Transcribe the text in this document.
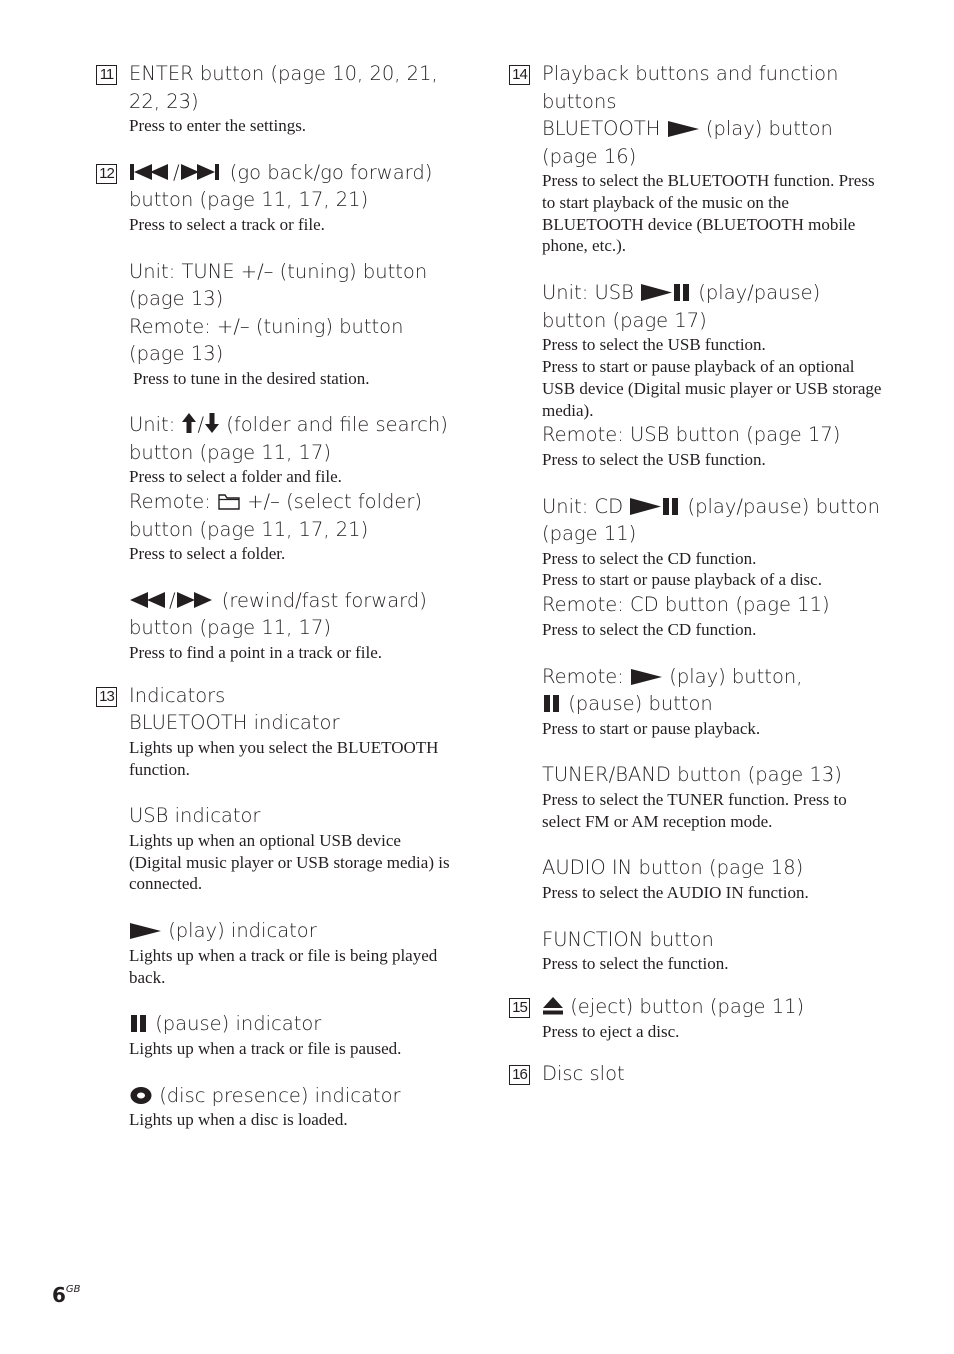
11 ENTER button (page 10, 20, 21, 22, 23)

Press to enter the settings.

12	/ (go back/go forward) button (page 11, 17, 21)

Press to select a track or file.

Unit: TUNE +/– (tuning) button (page 13)

Remote: +/– (tuning) button (page 13)

Press to tune in the desired station.

Unit: / (folder and file search) button (page 11, 17)

Press to select a folder and file.

Remote:  +/– (select folder) button (page 11, 17, 21)

Press to select a folder.

/ (rewind/fast forward) button (page 11, 17)

Press to find a point in a track or file.

13 Indicators

BLUETOOTH indicator

Lights up when you select the BLUETOOTH function.

USB indicator

Lights up when an optional USB device (Digital music player or USB storage media) is connected.

(play) indicator

Lights up when a track or file is being played back.

(pause) indicator

Lights up when a track or file is paused.

(disc presence) indicator

Lights up when a disc is loaded.

14 Playback buttons and function buttons

BLUETOOTH  (play) button (page 16)

Press to select the BLUETOOTH function. Press to start playback of the music on the BLUETOOTH device (BLUETOOTH mobile phone, etc.).

Unit: USB	(play/pause) button (page 17)

Press to select the USB function.

Press to start or pause playback of an optional USB device (Digital music player or USB storage media).

Remote: USB button (page 17)

Press to select the USB function.

Unit: CD	(play/pause) button (page 11)

Press to select the CD function.

Press to start or pause playback of a disc.

Remote: CD button (page 11)

Press to select the CD function.

Remote:  (play) button,

(pause) button

Press to start or pause playback.

TUNER/BAND button (page 13)

Press to select the TUNER function. Press to select FM or AM reception mode.

AUDIO IN button (page 18)

Press to select the AUDIO IN function.

FUNCTION button

Press to select the function.

15	(eject) button (page 11)

Press to eject a disc.

16 Disc slot

$6^{GB}$
